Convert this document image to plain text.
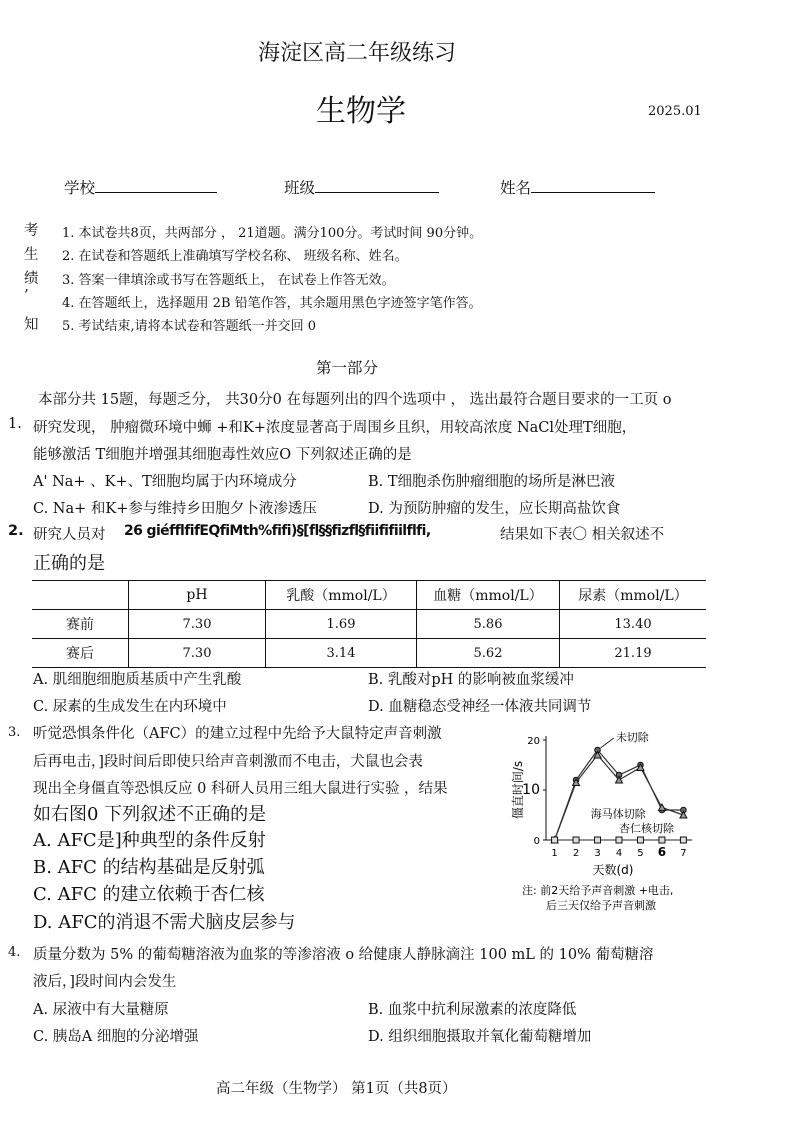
海淀区高二年级练习
生物学	2025.01
学校	班级	姓名
考
生
绩
’
知
1. 本试卷共8页，共两部分 ， 21道题。满分100分。考试时间 90分钟。
2. 在试卷和答题纸上准确填写学校名称、 班级名称、姓名。
3. 答案一律填涂或书写在答题纸上， 在试卷上作答无效。
4. 在答题纸上，选择题用 2B 铅笔作答，其余题用黑色字迹签字笔作答。
5. 考试结束,请将本试卷和答题纸一并交回 0
第一部分
本部分共 15题，每题乏分， 共30分0 在每题列出的四个选项中 ， 选出最符合题目要求的一工页 o
1. 研究发现， 肿瘤微环境中蛳 +和K+浓度显著高于周围乡且织，用较高浓度 NaCl处理T细胞，
能够激活 T细胞并增强其细胞毒性效应O 下列叙述正确的是
A' Na+ 、K+、T细胞均属于内环境成分	B. T细胞杀伤肿瘤细胞的场所是淋巴液
C. Na+ 和K+参与维持乡田胞夕卜液渗透压	D. 为预防肿瘤的发生，应长期高盐饮食
2. 研究人员对 26 giéfflfifEQfiMth%fifi)§[fl§§fizfl§fiififiilflfi,	结果如下表〇 相关叙述不
正确的是
	pH	乳酸（mmol/L）	血糖（mmol/L）	尿素（mmol/L）
赛前	7.30	1.69	5.86	13.40
赛后	7.30	3.14	5.62	21.19
A. 肌细胞细胞质基质中产生乳酸	B. 乳酸对pH 的影响被血浆缓冲
C. 尿素的生成发生在内环境中	D. 血糖稳态受神经一体液共同调节
3. 听觉恐惧条件化（AFC）的建立过程中先给予大鼠特定声音刺激
后再电击，]段时间后即使只给声音刺激而不电击，犬鼠也会表
现出全身僵直等恐惧反应 0 科研人员用三组大鼠进行实验 ，结果
如右图0 下列叙述不正确的是
A. AFC是]种典型的条件反射
B. AFC 的结构基础是反射弧
C. AFC 的建立依赖于杏仁核
D. AFC的消退不需犬脑皮层参与
0
10
20
1 2 3 4 5 6 7
僵直时间/s
天数(d)
注: 前2天给予声音刺激 +电击,
后三天仅给予声音刺激
未切除
海马体切除
杏仁核切除
4. 质量分数为 5% 的葡萄糖溶液为血浆的等渗溶液 o 给健康人静脉滴注 100 mL 的 10% 葡萄糖溶
液后，]段时间内会发生
A. 尿液中有大量糖原	B. 血浆中抗利尿激素的浓度降低
C. 胰岛A 细胞的分泌增强	D. 组织细胞摄取并氧化葡萄糖增加
高二年级（生物学） 第1页（共8页）
